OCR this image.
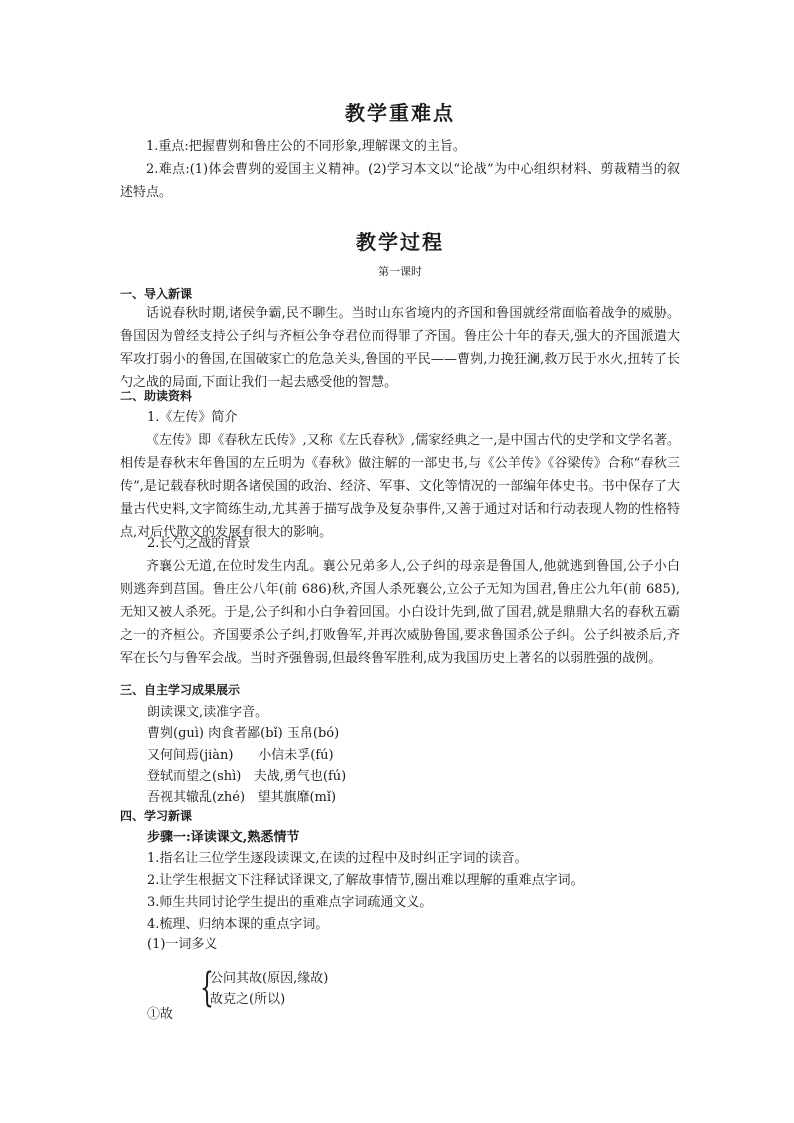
教学重难点

1.重点:把握曹刿和鲁庄公的不同形象,理解课文的主旨。

2.难点:(1)体会曹刿的爱国主义精神。(2)学习本文以“论战”为中心组织材料、剪裁精当的叙述特点。

教学过程

第一课时

一、导入新课

话说春秋时期,诸侯争霸,民不聊生。当时山东省境内的齐国和鲁国就经常面临着战争的威胁。鲁国因为曾经支持公子纠与齐桓公争夺君位而得罪了齐国。鲁庄公十年的春天,强大的齐国派遣大军攻打弱小的鲁国,在国破家亡的危急关头,鲁国的平民——曹刿,力挽狂澜,救万民于水火,扭转了长勺之战的局面,下面让我们一起去感受他的智慧。

二、助读资料

1.《左传》简介

《左传》即《春秋左氏传》,又称《左氏春秋》,儒家经典之一,是中国古代的史学和文学名著。相传是春秋末年鲁国的左丘明为《春秋》做注解的一部史书,与《公羊传》《谷梁传》合称“春秋三传”,是记载春秋时期各诸侯国的政治、经济、军事、文化等情况的一部编年体史书。书中保存了大量古代史料,文字简练生动,尤其善于描写战争及复杂事件,又善于通过对话和行动表现人物的性格特点,对后代散文的发展有很大的影响。

2.长勺之战的背景

齐襄公无道,在位时发生内乱。襄公兄弟多人,公子纠的母亲是鲁国人,他就逃到鲁国,公子小白则逃奔到莒国。鲁庄公八年(前 686)秋,齐国人杀死襄公,立公子无知为国君,鲁庄公九年(前 685),无知又被人杀死。于是,公子纠和小白争着回国。小白设计先到,做了国君,就是鼎鼎大名的春秋五霸之一的齐桓公。齐国要杀公子纠,打败鲁军,并再次威胁鲁国,要求鲁国杀公子纠。公子纠被杀后,齐军在长勺与鲁军会战。当时齐强鲁弱,但最终鲁军胜利,成为我国历史上著名的以弱胜强的战例。

三、自主学习成果展示

朗读课文,读准字音。

曹刿(ɡuì) 肉食者鄙(bǐ) 玉帛(bó)

又何间焉(jiàn)      小信未孚(fú)

登轼而望之(shì)   夫战,勇气也(fú)

吾视其辙乱(zhé)   望其旗靡(mǐ)

四、学习新课

步骤一:译读课文,熟悉情节

1.指名让三位学生逐段读课文,在读的过程中及时纠正字词的读音。

2.让学生根据文下注释试译课文,了解故事情节,圈出难以理解的重难点字词。

3.师生共同讨论学生提出的重难点字词疏通文义。

4.梳理、归纳本课的重点字词。

(1)一词多义

{
公问其故(原因,缘故)
故克之(所以)
①故
